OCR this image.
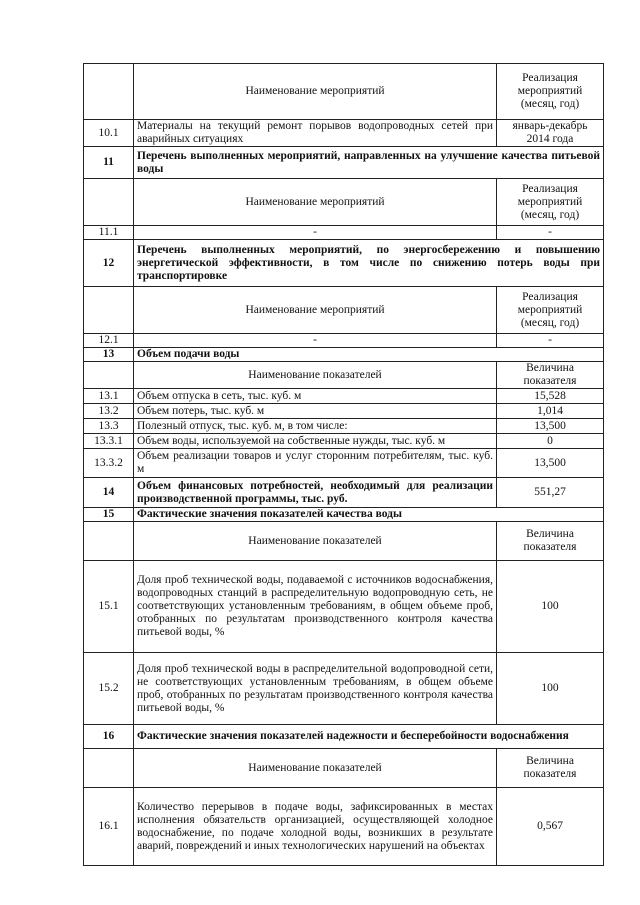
	Наименование мероприятий	Реализация мероприятий (месяц, год)
10.1	Материалы на текущий ремонт порывов водопроводных сетей при аварийных ситуациях	январь-декабрь 2014 года
11	Перечень выполненных мероприятий, направленных на улучшение качества питьевой воды	
	Наименование мероприятий	Реализация мероприятий (месяц, год)
11.1	-	-
12	Перечень выполненных мероприятий, по энергосбережению и повышению энергетической эффективности, в том числе по снижению потерь воды при транспортировке	
	Наименование мероприятий	Реализация мероприятий (месяц, год)
12.1	-	-
13	Объем подачи воды	
	Наименование показателей	Величина показателя
13.1	Объем отпуска в сеть, тыс. куб. м	15,528
13.2	Объем потерь, тыс. куб. м	1,014
13.3	Полезный отпуск, тыс. куб. м, в том числе:	13,500
13.3.1	Объем воды, используемой на собственные нужды, тыс. куб. м	0
13.3.2	Объем реализации товаров и услуг сторонним потребителям, тыс. куб. м	13,500
14	Объем финансовых потребностей, необходимый для реализации производственной программы, тыс. руб.	551,27
15	Фактические значения показателей качества воды	
	Наименование показателей	Величина показателя
15.1	Доля проб технической воды, подаваемой с источников водоснабжения, водопроводных станций в распределительную водопроводную сеть, не соответствующих установленным требованиям, в общем объеме проб, отобранных по результатам производственного контроля качества питьевой воды, %	100
15.2	Доля проб технической воды в распределительной водопроводной сети, не соответствующих установленным требованиям, в общем объеме проб, отобранных по результатам производственного контроля качества питьевой воды, %	100
16	Фактические значения показателей надежности и бесперебойности водоснабжения	
	Наименование показателей	Величина показателя
16.1	Количество перерывов в подаче воды, зафиксированных в местах исполнения обязательств организацией, осуществляющей холодное водоснабжение, по подаче холодной воды, возникших в результате аварий, повреждений и иных технологических нарушений на объектах	0,567
